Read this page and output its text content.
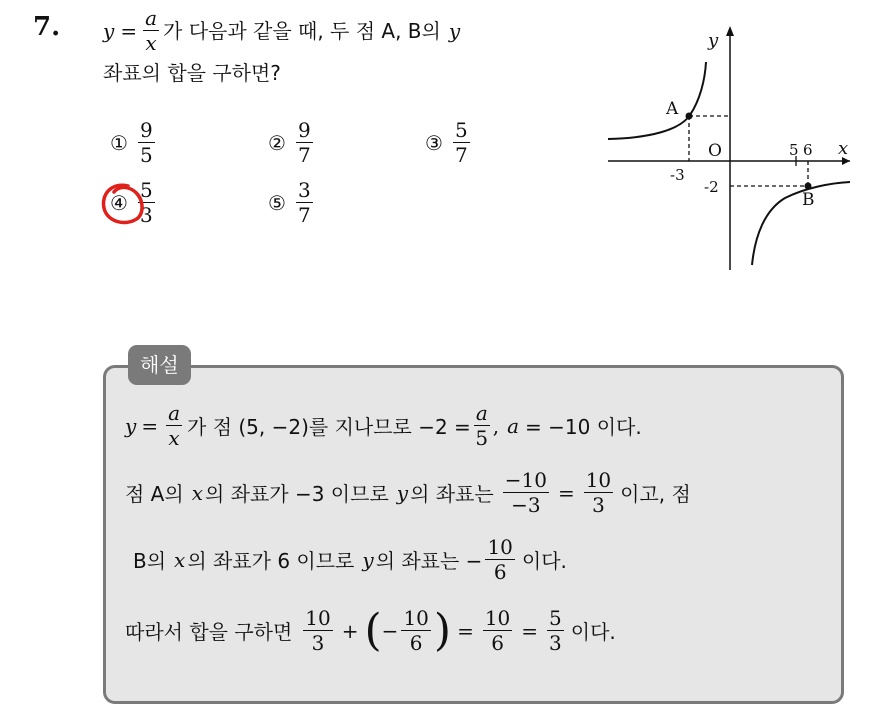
7. $y = \frac{a}{x}$ 가 다음과 같을 때, 두 점 A, B의 y
좌표의 합을 구하면?
① $\frac{9}{5}$	② $\frac{9}{7}$	③ $\frac{5}{7}$
④ $\frac{5}{3}$	⑤ $\frac{3}{7}$
y
x
O
A
B
-3
-2
5 6
해설
$y = \frac{a}{x}$ 가 점 (5, −2)를 지나므로 $-2 = \frac{a}{5}$ , a = −10 이다.
점 A의 x 의 좌표가 −3 이므로 y 의 좌표는 $\frac{-10}{-3} = \frac{10}{3}$ 이고, 점
B의 x 의 좌표가 6 이므로 y 의 좌표는 − $\frac{10}{6}$ 이다.
따라서 합을 구하면 $\frac{10}{3}$ + ( − $\frac{10}{6}$ ) = $\frac{10}{6} = \frac{5}{3}$ 이다.
